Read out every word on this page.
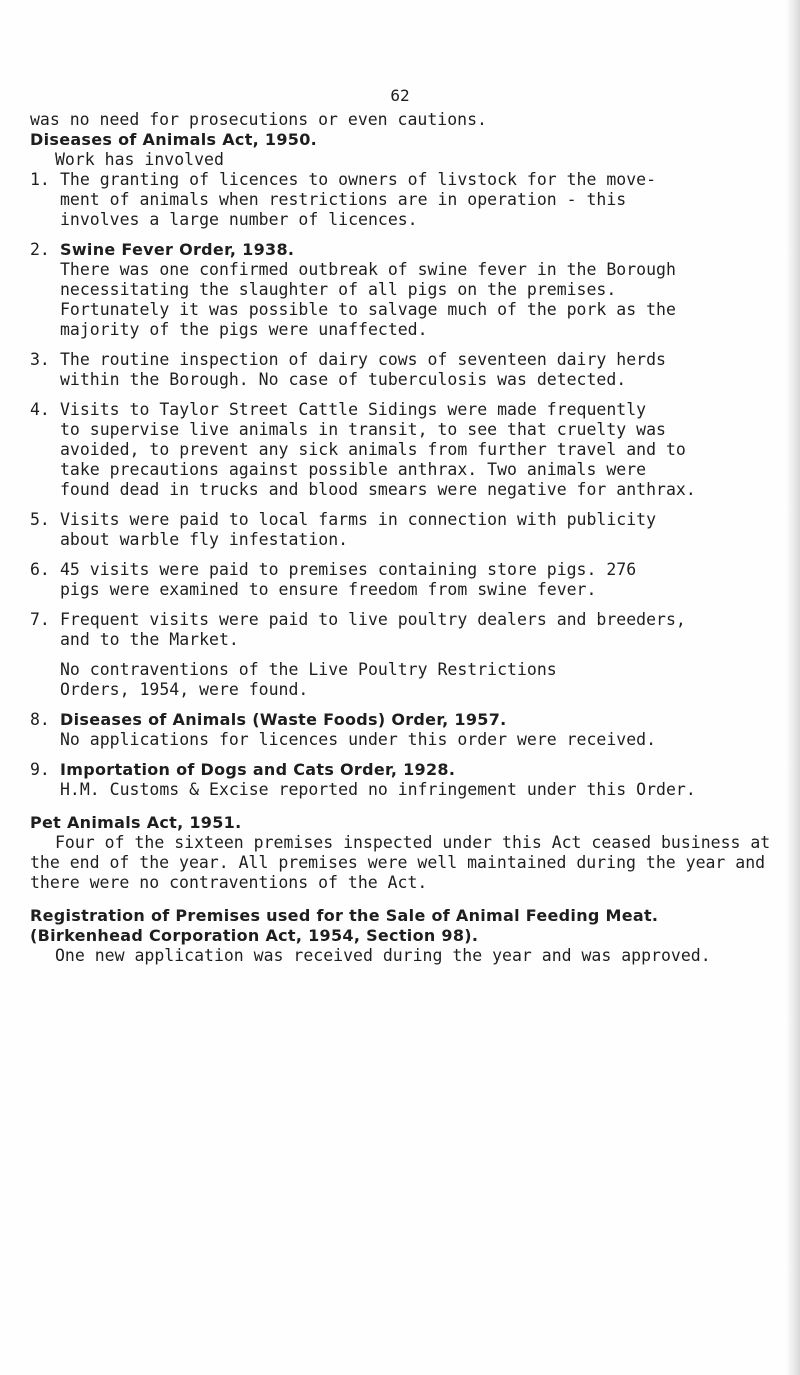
62
was no need for prosecutions or even cautions.
Diseases of Animals Act, 1950.
Work has involved
1. The granting of licences to owners of livstock for the move-
ment of animals when restrictions are in operation - this
involves a large number of licences.
2. Swine Fever Order, 1938.
There was one confirmed outbreak of swine fever in the Borough
necessitating the slaughter of all pigs on the premises.
Fortunately it was possible to salvage much of the pork as the
majority of the pigs were unaffected.
3. The routine inspection of dairy cows of seventeen dairy herds
within the Borough. No case of tuberculosis was detected.
4. Visits to Taylor Street Cattle Sidings were made frequently
to supervise live animals in transit, to see that cruelty was
avoided, to prevent any sick animals from further travel and to
take precautions against possible anthrax. Two animals were
found dead in trucks and blood smears were negative for anthrax.
5. Visits were paid to local farms in connection with publicity
about warble fly infestation.
6. 45 visits were paid to premises containing store pigs. 276
pigs were examined to ensure freedom from swine fever.
7. Frequent visits were paid to live poultry dealers and breeders,
and to the Market.
No contraventions of the Live Poultry Restrictions
Orders, 1954, were found.
8. Diseases of Animals (Waste Foods) Order, 1957.
No applications for licences under this order were received.
9. Importation of Dogs and Cats Order, 1928.
H.M. Customs & Excise reported no infringement under this Order.
Pet Animals Act, 1951.
Four of the sixteen premises inspected under this Act ceased business at the end of the year. All premises were well maintained during the year and there were no contraventions of the Act.
Registration of Premises used for the Sale of Animal Feeding Meat.
(Birkenhead Corporation Act, 1954, Section 98).
One new application was received during the year and was approved.
